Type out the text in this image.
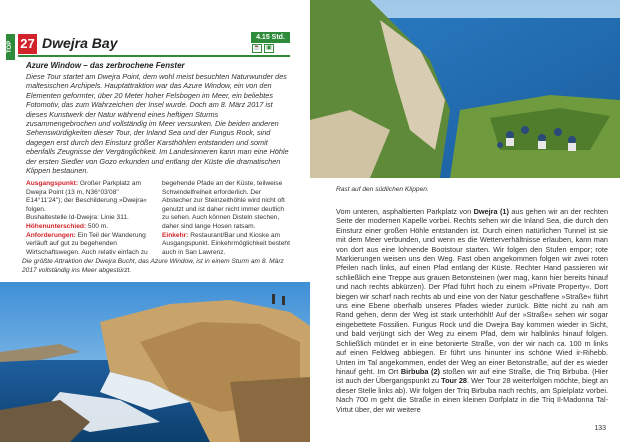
TOP 27 Dwejra Bay	4.15 Std.
☕ ▣
Azure Window – das zerbrochene Fenster
Diese Tour startet am Dwejra Point, dem wohl meist besuchten Naturwunder des maltesischen Archipels. Hauptattraktion war das Azure Window, ein von den Elementen geformter, über 20 Meter hoher Felsbogen im Meer, ein beliebtes Fotomotiv, das zum Wahrzeichen der Insel wurde. Doch am 8. März 2017 ist dieses Kunstwerk der Natur während eines heftigen Sturms zusammengebrochen und vollständig im Meer versunken. Die beiden anderen Sehenswürdigkeiten dieser Tour, der Inland Sea und der Fungus Rock, sind dagegen erst durch den Einsturz größer Karsthöhlen entstanden und somit ebenfalls Zeugnisse der Vergänglichkeit. Im Landesinneren kann man eine Höhle der ersten Siedler von Gozo erkunden und entlang der Küste die dramatischen Klippen bestaunen.

Ausgangspunkt: Großer Parkplatz am Dwejra Point (13 m, N36°03'08" E14°11'24"); der Beschilderung »Dwejra« folgen.

Bushaltestelle Id-Dwejra: Linie 311.

Höhenunterschied: 500 m.

Anforderungen: Ein Teil der Wanderung verläuft auf gut zu begehenden Wirtschaftswegen. Auch relativ einfach zu begehende Pfade an der Küste, teilweise Schwindelfreiheit erforderlich. Der Abstecher zur Steinzeithöhle wird nicht oft genutzt und ist daher nicht immer deutlich zu sehen. Auch können Disteln stechen, daher sind lange Hosen ratsam.

Einkehr: Restaurant/Bar und Kioske am Ausgangspunkt. Einkehrmöglichkeit besteht auch in San Lawrenz.

Die größte Attraktion der Dwejra Bucht, das Azure Window, ist in einem Sturm am 8. März 2017 vollständig ins Meer abgestürzt.
Rast auf den südlichen Klippen.
Vom unteren, asphaltierten Parkplatz von Dwejra (1) aus gehen wir an der rechten Seite der modernen Kapelle vorbei. Rechts sehen wir die Inland Sea, die durch den Einsturz einer großen Höhle entstanden ist. Durch einen natürlichen Tunnel ist sie mit dem Meer verbunden, und wenn es die Wetterverhältnisse erlauben, kann man von dort aus eine lohnende Bootstour starten. Wir folgen den Stufen empor; rote Markierungen weisen uns den Weg. Fast oben angekommen folgen wir zwei roten Pfeilen nach links, auf einen Pfad entlang der Küste. Rechter Hand passieren wir schließlich eine Treppe aus grauen Betonsteinen (wer mag, kann hier bereits hinauf und nach rechts abkürzen). Der Pfad führt hoch zu einem »Private Property«. Dort biegen wir scharf nach rechts ab und eine von der Natur geschaffene »Straße« führt uns eine Ebene oberhalb unseres Pfades wieder zurück. Bitte nicht zu nah am Rand gehen, denn der Weg ist stark unterhöhlt! Auf der »Straße« sehen wir sogar eingebettete Fossilien. Fungus Rock und die Dwejra Bay kommen wieder in Sicht, und bald verjüngt sich der Weg zu einem Pfad, dem wir halblinks hinauf folgen. Schließlich mündet er in eine betonierte Straße, von der wir nach ca. 100 m links auf einen Feldweg abbiegen. Er führt uns hinunter ins schöne Wied ir-Rihebb. Unten im Tal angekommen, endet der Weg an einer Betonstraße, auf der es wieder hinauf geht. Im Ort Birbuba (2) stoßen wir auf eine Straße, die Triq Birbuba. (Hier ist auch der Übergangspunkt zu Tour 28. Wer Tour 28 weiterfolgen möchte, biegt an dieser Stelle links ab). Wir folgen der Triq Birbuba nach rechts, am Spielplatz vorbei. Nach 700 m geht die Straße in einen kleinen Dorfplatz in die Triq Il-Madonna Tal-Virtut über, der wir weitere
133
